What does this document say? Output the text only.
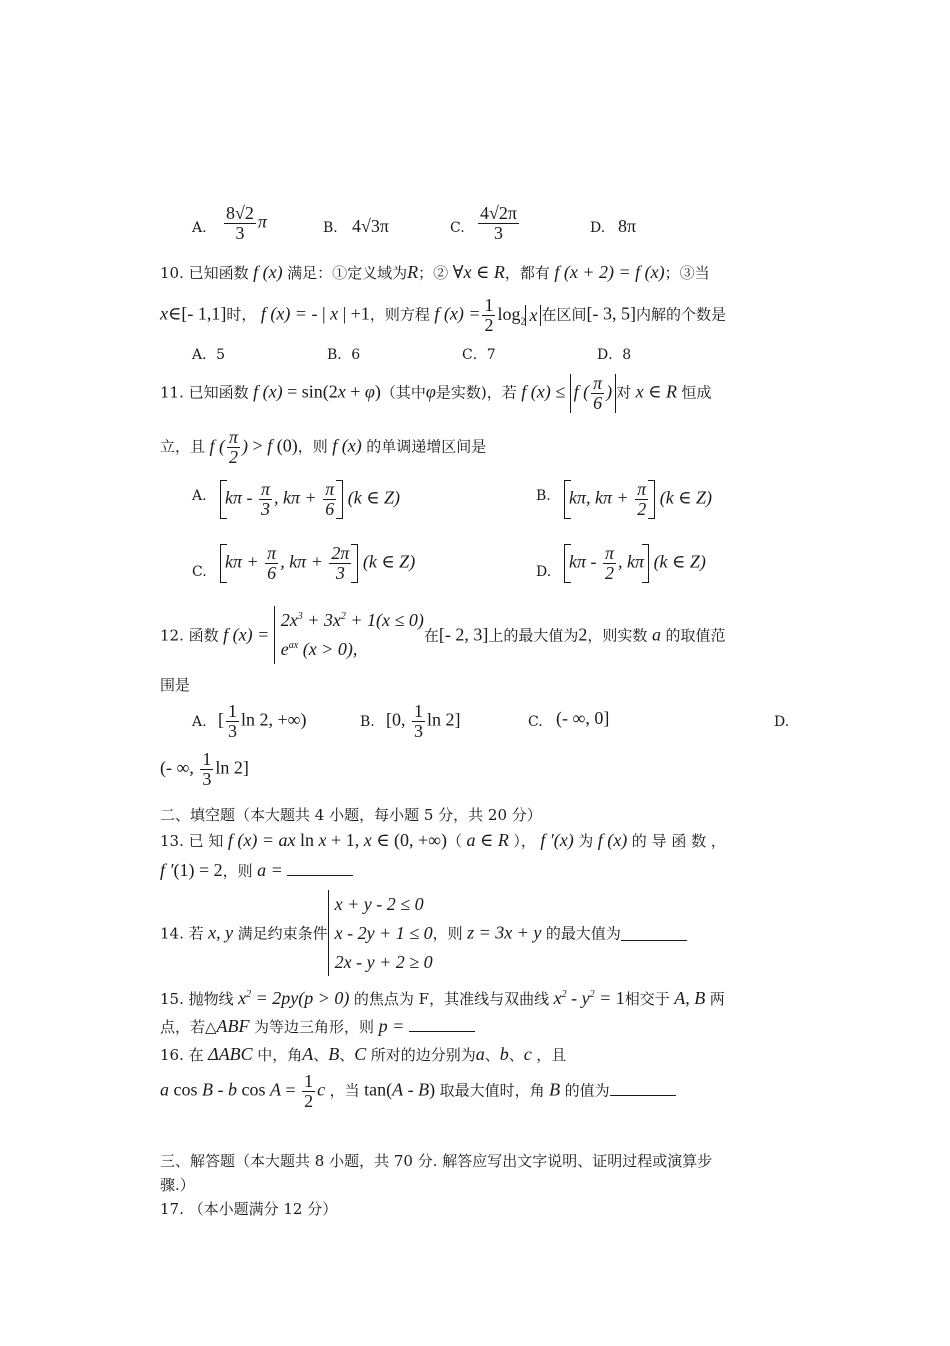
A. $\frac{8√2}{3}$ π	B. 4√3π	C. $\frac{4√2\pi}{3}$	D. 8π
10. 已知函数 f (x) 满足：①定义域为R；② ∀x ∈ R，都有 f (x + 2) = f (x)；③当
x∈[- 1,1]时， f (x) = - | x | +1，则方程 f $(x) = \frac{1}{2} \log_2 x$ 在区间[- 3, 5]内解的个数是
A．5	B．6	C．7	D．8
11. 已知函数 f (x) = sin(2x + φ)（其中φ是实数)，若 f (x) ≤ f ( $\frac{\pi}{6}$ ) 对 x ∈ R 恒成
立，且 f ( $\frac{\pi}{2}$ ) > f (0)，则 f (x) 的单调递增区间是
A. kπ - $\frac{\pi}{3}$ , $k\pi + \frac{\pi}{6} (k$ ∈ Z)	B. kπ, $k\pi + \frac{\pi}{2} (k$ ∈ Z)
C.
$k\pi + \frac{\pi}{6}$ , $k\pi + \frac{2\pi}{3} (k$ ∈ Z)
D.
kπ - $\frac{\pi}{2}$ , kπ (k ∈ Z)
12. 函数 f $(x) = 2x^3 + 3x^2 + 1(x \le 0)$
$e^{ax}$ (x > 0),在[- 2, 3]上的最大值为2，则实数 a 的取值范
围是
A. [ $\frac{1}{3}$ ln 2, +∞)	B. [0, $\frac{1}{3}$ ln 2]	C. (- ∞, 0]	D.
(- ∞, $\frac{1}{3}$ ln 2]
二、填空题（本大题共 4 小题，每小题 5 分，共 20 分）
13. 已 知 f (x) = ax ln x + 1, x ∈ (0, +∞)（ a ∈ R ）， f ′(x) 为 f (x) 的 导 函 数 ，
f ′(1) = 2，则 a =
14. 若 x, y 满足约束条件x + y - 2 ≤ 0
x - 2y + 1 ≤ 0
2x - y + 2 ≥ 0，则 z = 3x + y 的最大值为
15. 抛物线 $x^2 = 2py(p > 0)$ 的焦点为 F，其准线与双曲线 $x^2 - y^2 = 1$相交于 A, B 两
点，若△ABF 为等边三角形，则 p =
16. 在 ΔABC 中，角A、B、C 所对的边分别为a、b、c ，且
a cos B - b $\cos A = \frac{1}{2}$ c ，当 tan(A - B) 取最大值时，角 B 的值为
三、解答题（本大题共 8 小题，共 70 分. 解答应写出文字说明、证明过程或演算步
骤.）
17. （本小题满分 12 分）
